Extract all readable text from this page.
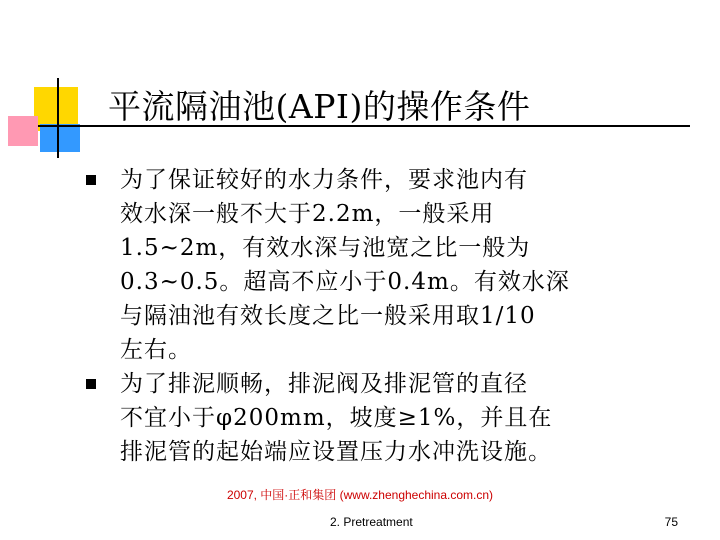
平流隔油池(API)的操作条件
为了保证较好的水力条件，要求池内有
效水深一般不大于2.2m，一般采用
1.5~2m，有效水深与池宽之比一般为
0.3~0.5。超高不应小于0.4m。有效水深
与隔油池有效长度之比一般采用取1/10
左右。
为了排泥顺畅，排泥阀及排泥管的直径
不宜小于φ200mm，坡度≥1%，并且在
排泥管的起始端应设置压力水冲洗设施。
2007, 中国·正和集团 (www.zhenghechina.com.cn)
2. Pretreatment	75
